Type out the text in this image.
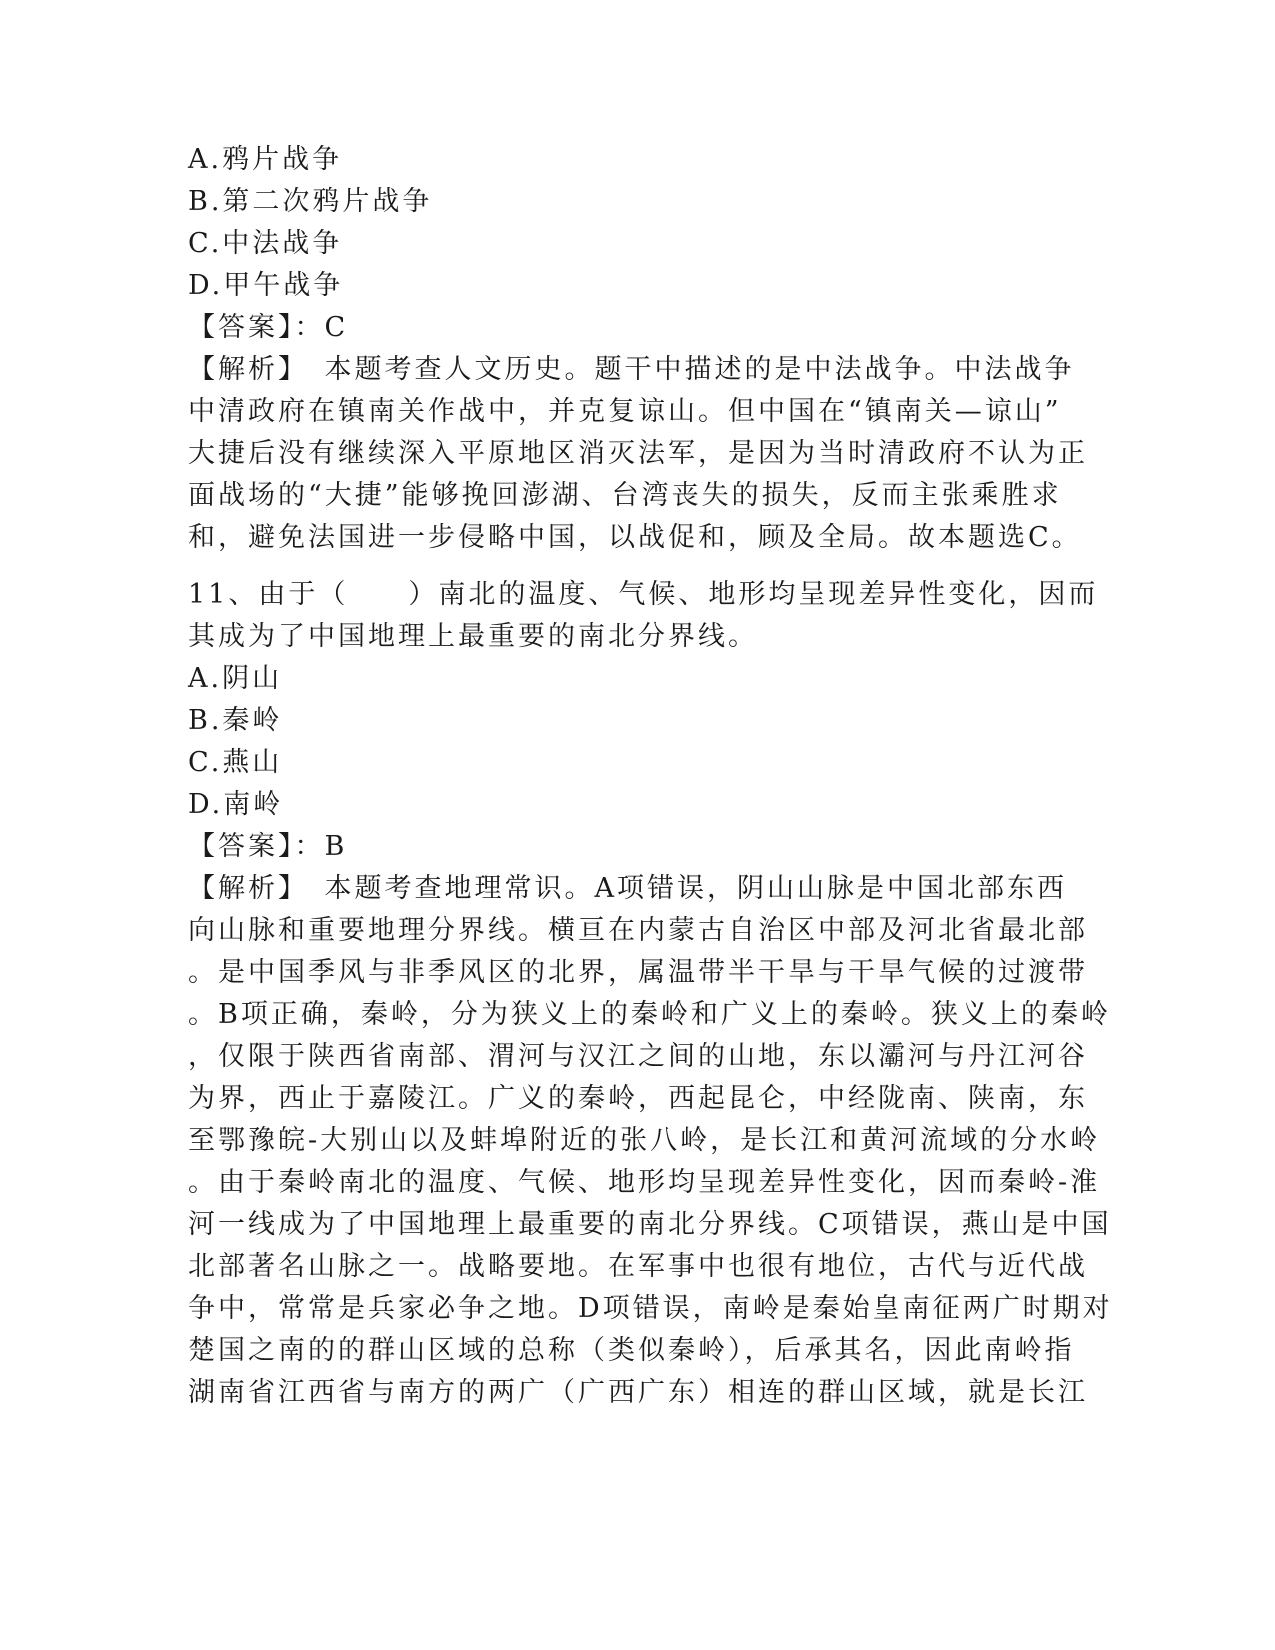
A.鸦片战争
B.第二次鸦片战争
C.中法战争
D.甲午战争
【答案】：C
【解析】　本题考查人文历史。题干中描述的是中法战争。中法战争
中清政府在镇南关作战中，并克复谅山。但中国在“镇南关—谅山”
大捷后没有继续深入平原地区消灭法军，是因为当时清政府不认为正
面战场的“大捷”能够挽回澎湖、台湾丧失的损失，反而主张乘胜求
和，避免法国进一步侵略中国，以战促和，顾及全局。故本题选C。
11、由于（　　）南北的温度、气候、地形均呈现差异性变化，因而
其成为了中国地理上最重要的南北分界线。
A.阴山
B.秦岭
C.燕山
D.南岭
【答案】：B
【解析】　本题考查地理常识。A项错误，阴山山脉是中国北部东西
向山脉和重要地理分界线。横亘在内蒙古自治区中部及河北省最北部
。是中国季风与非季风区的北界，属温带半干旱与干旱气候的过渡带
。B项正确，秦岭，分为狭义上的秦岭和广义上的秦岭。狭义上的秦岭
，仅限于陕西省南部、渭河与汉江之间的山地，东以灞河与丹江河谷
为界，西止于嘉陵江。广义的秦岭，西起昆仑，中经陇南、陕南，东
至鄂豫皖-大别山以及蚌埠附近的张八岭，是长江和黄河流域的分水岭
。由于秦岭南北的温度、气候、地形均呈现差异性变化，因而秦岭-淮
河一线成为了中国地理上最重要的南北分界线。C项错误，燕山是中国
北部著名山脉之一。战略要地。在军事中也很有地位，古代与近代战
争中，常常是兵家必争之地。D项错误，南岭是秦始皇南征两广时期对
楚国之南的的群山区域的总称（类似秦岭），后承其名，因此南岭指
湖南省江西省与南方的两广（广西广东）相连的群山区域，就是长江
